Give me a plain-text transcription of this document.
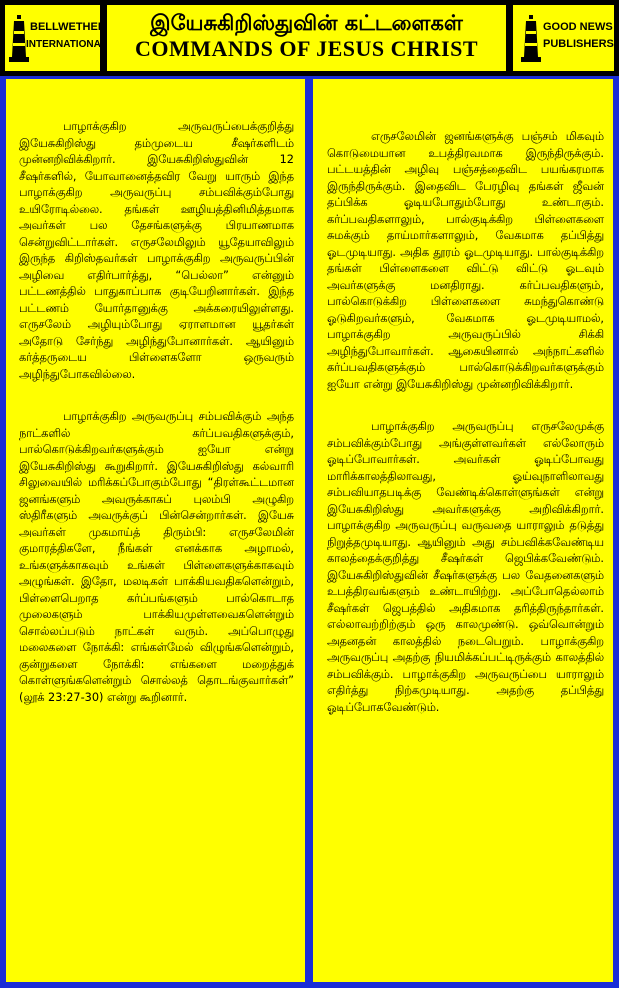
BELLWETHER
INTERNATIONAL
இயேசுகிறிஸ்துவின் கட்டளைகள்
COMMANDS OF JESUS CHRIST
GOOD NEWS
PUBLISHERS

பாழாக்குகிற அருவருப்பைக்குறித்து இயேசுகிறிஸ்து தம்முடைய சீஷர்களிடம் முன்னறிவிக்கிறார். இயேசுகிறிஸ்துவின் 12 சீஷர்களில், யோவானைத்தவிர வேறு யாரும் இந்த பாழாக்குகிற அருவருப்பு சம்பவிக்கும்போது உயிரோடில்லை. தங்கள் ஊழியத்தினிமித்தமாக அவர்கள் பல தேசங்களுக்கு பிரயாணமாக சென்றுவிட்டார்கள். எருசலேமிலும் யூதேயாவிலும் இருந்த கிறிஸ்தவர்கள் பாழாக்குகிற அருவருப்பின் அழிவை எதிர்பார்த்து, “பெல்லா” என்னும் பட்டணத்தில் பாதுகாப்பாக குடியேறினார்கள். இந்த பட்டணம் யோர்தானுக்கு அக்கரையிலுள்ளது. எருசலேம் அழியும்போது ஏராளமான யூதர்கள் அதோடு சேர்ந்து அழிந்துபோனார்கள். ஆயினும் கர்த்தருடைய பிள்ளைகளோ ஒருவரும் அழிந்துபோகவில்லை.

பாழாக்குகிற அருவருப்பு சம்பவிக்கும் அந்த நாட்களில் கர்ப்பவதிகளுக்கும், பால்கொடுக்கிறவர்களுக்கும் ஐயோ என்று இயேசுகிறிஸ்து கூறுகிறார். இயேசுகிறிஸ்து கல்வாரி சிலுவையில் மரிக்கப்போகும்போது “திரள்கூட்டமான ஜனங்களும் அவருக்காகப் புலம்பி அழுகிற ஸ்திரீகளும் அவருக்குப் பின்சென்றார்கள். இயேசு அவர்கள் முகமாய்த் திரும்பி: எருசலேமின் குமாரத்திகளே, நீங்கள் எனக்காக அழாமல், உங்களுக்காகவும் உங்கள் பிள்ளைகளுக்காகவும் அழுங்கள். இதோ, மலடிகள் பாக்கியவதிகளென்றும், பிள்ளைபெறாத கர்ப்பங்களும் பால்கொடாத முலைகளும் பாக்கியமுள்ளவைகளென்றும் சொல்லப்படும் நாட்கள் வரும். அப்பொழுது மலைகளை நோக்கி: எங்கள்மேல் விழுங்களென்றும், குன்றுகளை நோக்கி: எங்களை மறைத்துக் கொள்ளுங்களென்றும் சொல்லத் தொடங்குவார்கள்” (லூக் 23:27-30) என்று கூறினார்.

எருசலேமின் ஜனங்களுக்கு பஞ்சம் மிகவும் கொடுமையான உபத்திரவமாக இருந்திருக்கும். பட்டயத்தின் அழிவு பஞ்சத்தைவிட பயங்கரமாக இருந்திருக்கும். இதைவிட பேரழிவு தங்கள் ஜீவன் தப்பிக்க ஓடியபோதும்போது உண்டாகும். கர்ப்பவதிகளாலும், பால்குடிக்கிற பிள்ளைகளை சுமக்கும் தாய்மார்களாலும், வேகமாக தப்பித்து ஓடமுடியாது. அதிக தூரம் ஓடமுடியாது. பால்குடிக்கிற தங்கள் பிள்ளைகளை விட்டு விட்டு ஓடவும் அவர்களுக்கு மனதிராது. கர்ப்பவதிகளும், பால்கொடுக்கிற பிள்ளைகளை சுமந்துகொண்டு ஓடுகிறவர்களும், வேகமாக ஓடமுடியாமல், பாழாக்குகிற அருவருப்பில் சிக்கி அழிந்துபோவார்கள். ஆகையினால் அந்நாட்களில் கர்ப்பவதிகளுக்கும் பால்கொடுக்கிறவர்களுக்கும் ஐயோ என்று இயேசுகிறிஸ்து முன்னறிவிக்கிறார்.

பாழாக்குகிற அருவருப்பு எருசலேமுக்கு சம்பவிக்கும்போது அங்குள்ளவர்கள் எல்லோரும் ஓடிப்போவார்கள். அவர்கள் ஓடிப்போவது மாரிக்காலத்திலாவது, ஓய்வுநாளிலாவது சம்பவியாதபடிக்கு வேண்டிக்கொள்ளுங்கள் என்று இயேசுகிறிஸ்து அவர்களுக்கு அறிவிக்கிறார். பாழாக்குகிற அருவருப்பு வருவதை யாராலும் தடுத்து நிறுத்தமுடியாது. ஆயினும் அது சம்பவிக்கவேண்டிய காலத்தைக்குறித்து சீஷர்கள் ஜெபிக்கவேண்டும். இயேசுகிறிஸ்துவின் சீஷர்களுக்கு பல வேதனைகளும் உபத்திரவங்களும் உண்டாயிற்று. அப்போதெல்லாம் சீஷர்கள் ஜெபத்தில் அதிகமாக தரித்திருந்தார்கள். எல்லாவற்றிற்கும் ஒரு காலமுண்டு. ஒவ்வொன்றும் அதனதன் காலத்தில் நடைபெறும். பாழாக்குகிற அருவருப்பு அதற்கு நியமிக்கப்பட்டிருக்கும் காலத்தில் சம்பவிக்கும். பாழாக்குகிற அருவருப்பை யாராலும் எதிர்த்து நிற்கமுடியாது. அதற்கு தப்பித்து ஓடிப்போகவேண்டும்.
